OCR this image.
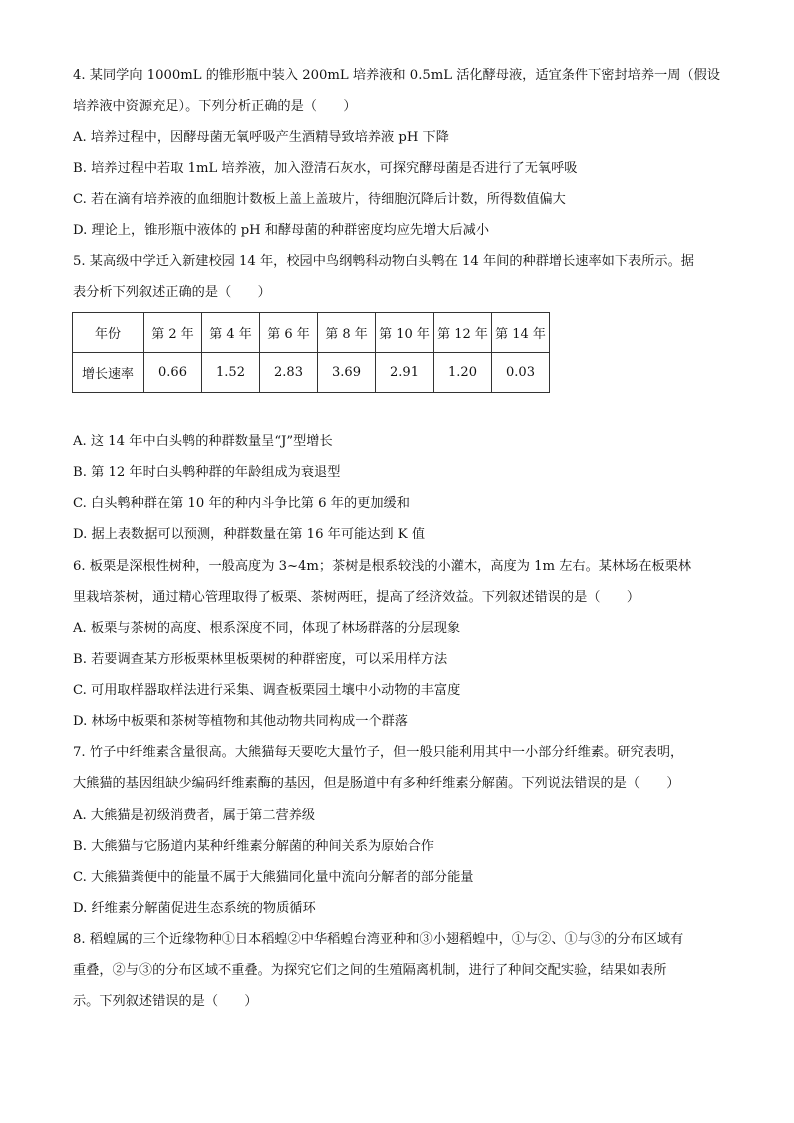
4. 某同学向 1000mL 的锥形瓶中装入 200mL 培养液和 0.5mL 活化酵母液，适宜条件下密封培养一周（假设
培养液中资源充足）。下列分析正确的是（　　）
A. 培养过程中，因酵母菌无氧呼吸产生酒精导致培养液 pH 下降
B. 培养过程中若取 1mL 培养液，加入澄清石灰水，可探究酵母菌是否进行了无氧呼吸
C. 若在滴有培养液的血细胞计数板上盖上盖玻片，待细胞沉降后计数，所得数值偏大
D. 理论上，锥形瓶中液体的 pH 和酵母菌的种群密度均应先增大后减小
5. 某高级中学迁入新建校园 14 年，校园中鸟纲鹎科动物白头鹎在 14 年间的种群增长速率如下表所示。据
表分析下列叙述正确的是（　　）
年份	第 2 年	第 4 年	第 6 年	第 8 年	第 10 年	第 12 年	第 14 年
增长速率	0.66	1.52	2.83	3.69	2.91	1.20	0.03
A. 这 14 年中白头鹎的种群数量呈“J”型增长
B. 第 12 年时白头鹎种群的年龄组成为衰退型
C. 白头鹎种群在第 10 年的种内斗争比第 6 年的更加缓和
D. 据上表数据可以预测，种群数量在第 16 年可能达到 K 值
6. 板栗是深根性树种，一般高度为 3~4m；茶树是根系较浅的小灌木，高度为 1m 左右。某林场在板栗林
里栽培茶树，通过精心管理取得了板栗、茶树两旺，提高了经济效益。下列叙述错误的是（　　）
A. 板栗与茶树的高度、根系深度不同，体现了林场群落的分层现象
B. 若要调查某方形板栗林里板栗树的种群密度，可以采用样方法
C. 可用取样器取样法进行采集、调查板栗园土壤中小动物的丰富度
D. 林场中板栗和茶树等植物和其他动物共同构成一个群落
7. 竹子中纤维素含量很高。大熊猫每天要吃大量竹子，但一般只能利用其中一小部分纤维素。研究表明，
大熊猫的基因组缺少编码纤维素酶的基因，但是肠道中有多种纤维素分解菌。下列说法错误的是（　　）
A. 大熊猫是初级消费者，属于第二营养级
B. 大熊猫与它肠道内某种纤维素分解菌的种间关系为原始合作
C. 大熊猫粪便中的能量不属于大熊猫同化量中流向分解者的部分能量
D. 纤维素分解菌促进生态系统的物质循环
8. 稻蝗属的三个近缘物种①日本稻蝗②中华稻蝗台湾亚种和③小翅稻蝗中，①与②、①与③的分布区域有
重叠，②与③的分布区域不重叠。为探究它们之间的生殖隔离机制，进行了种间交配实验，结果如表所
示。下列叙述错误的是（　　）
